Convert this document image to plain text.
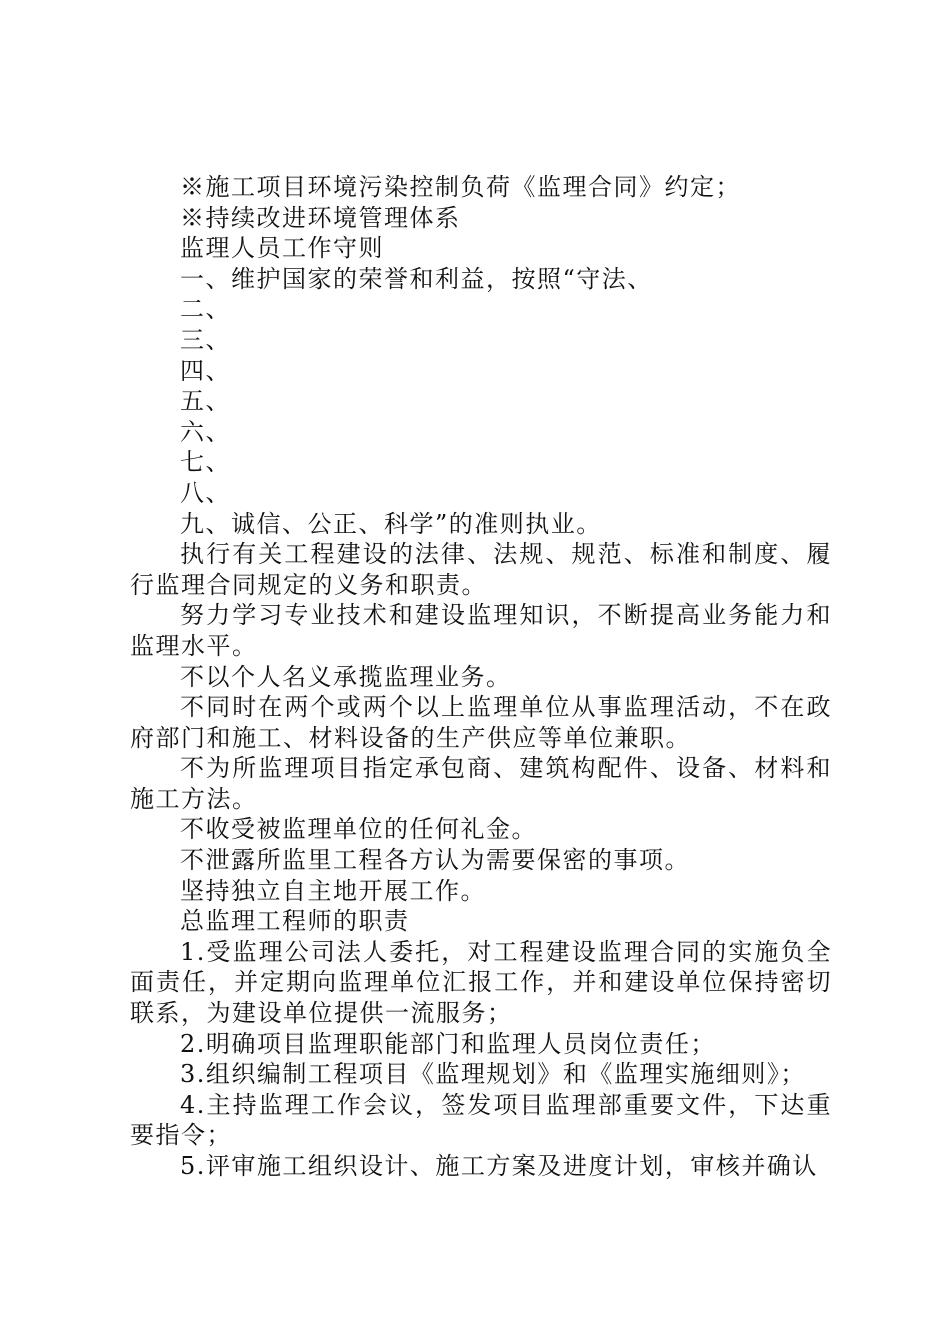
※施工项目环境污染控制负荷《监理合同》约定；

※持续改进环境管理体系

监理人员工作守则

一、维护国家的荣誉和利益，按照“守法、

二、

三、

四、

五、

六、

七、

八、

九、诚信、公正、科学”的准则执业。

执行有关工程建设的法律、法规、规范、标准和制度、履行监理合同规定的义务和职责。

努力学习专业技术和建设监理知识，不断提高业务能力和监理水平。

不以个人名义承揽监理业务。

不同时在两个或两个以上监理单位从事监理活动，不在政府部门和施工、材料设备的生产供应等单位兼职。

不为所监理项目指定承包商、建筑构配件、设备、材料和施工方法。

不收受被监理单位的任何礼金。

不泄露所监里工程各方认为需要保密的事项。

坚持独立自主地开展工作。

总监理工程师的职责

1.受监理公司法人委托，对工程建设监理合同的实施负全面责任，并定期向监理单位汇报工作，并和建设单位保持密切联系，为建设单位提供一流服务；

2.明确项目监理职能部门和监理人员岗位责任；

3.组织编制工程项目《监理规划》和《监理实施细则》；

4.主持监理工作会议，签发项目监理部重要文件，下达重要指令；

5.评审施工组织设计、施工方案及进度计划，审核并确认
